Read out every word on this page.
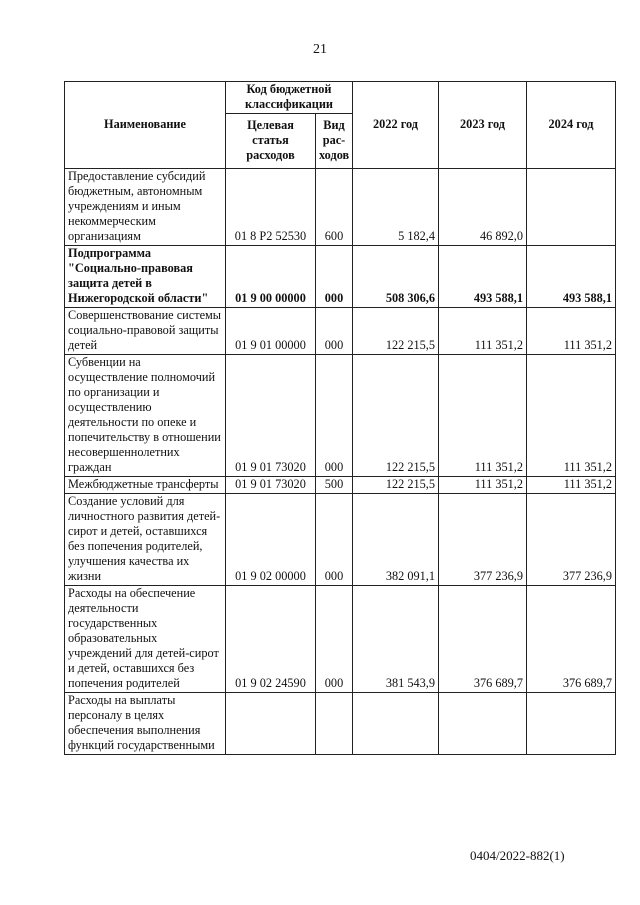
21
Наименование	Код бюджетной классификации		2022 год	2023 год	2024 год
	Целевая статья расходов	Вид рас-ходов			
Предоставление субсидий бюджетным, автономным учреждениям и иным некоммерческим организациям	01 8 P2 52530	600	5 182,4	46 892,0	
Подпрограмма "Социально-правовая защита детей в Нижегородской области"	01 9 00 00000	000	508 306,6	493 588,1	493 588,1
Совершенствование системы социально-правовой защиты детей	01 9 01 00000	000	122 215,5	111 351,2	111 351,2
Субвенции на осуществление полномочий по организации и осуществлению деятельности по опеке и попечительству в отношении несовершеннолетних граждан	01 9 01 73020	000	122 215,5	111 351,2	111 351,2
Межбюджетные трансферты	01 9 01 73020	500	122 215,5	111 351,2	111 351,2
Создание условий для личностного развития детей-сирот и детей, оставшихся без попечения родителей, улучшения качества их жизни	01 9 02 00000	000	382 091,1	377 236,9	377 236,9
Расходы на обеспечение деятельности государственных образовательных учреждений для детей-сирот и детей, оставшихся без попечения родителей	01 9 02 24590	000	381 543,9	376 689,7	376 689,7
Расходы на выплаты персоналу в целях обеспечения выполнения функций государственными					
0404/2022-882(1)
